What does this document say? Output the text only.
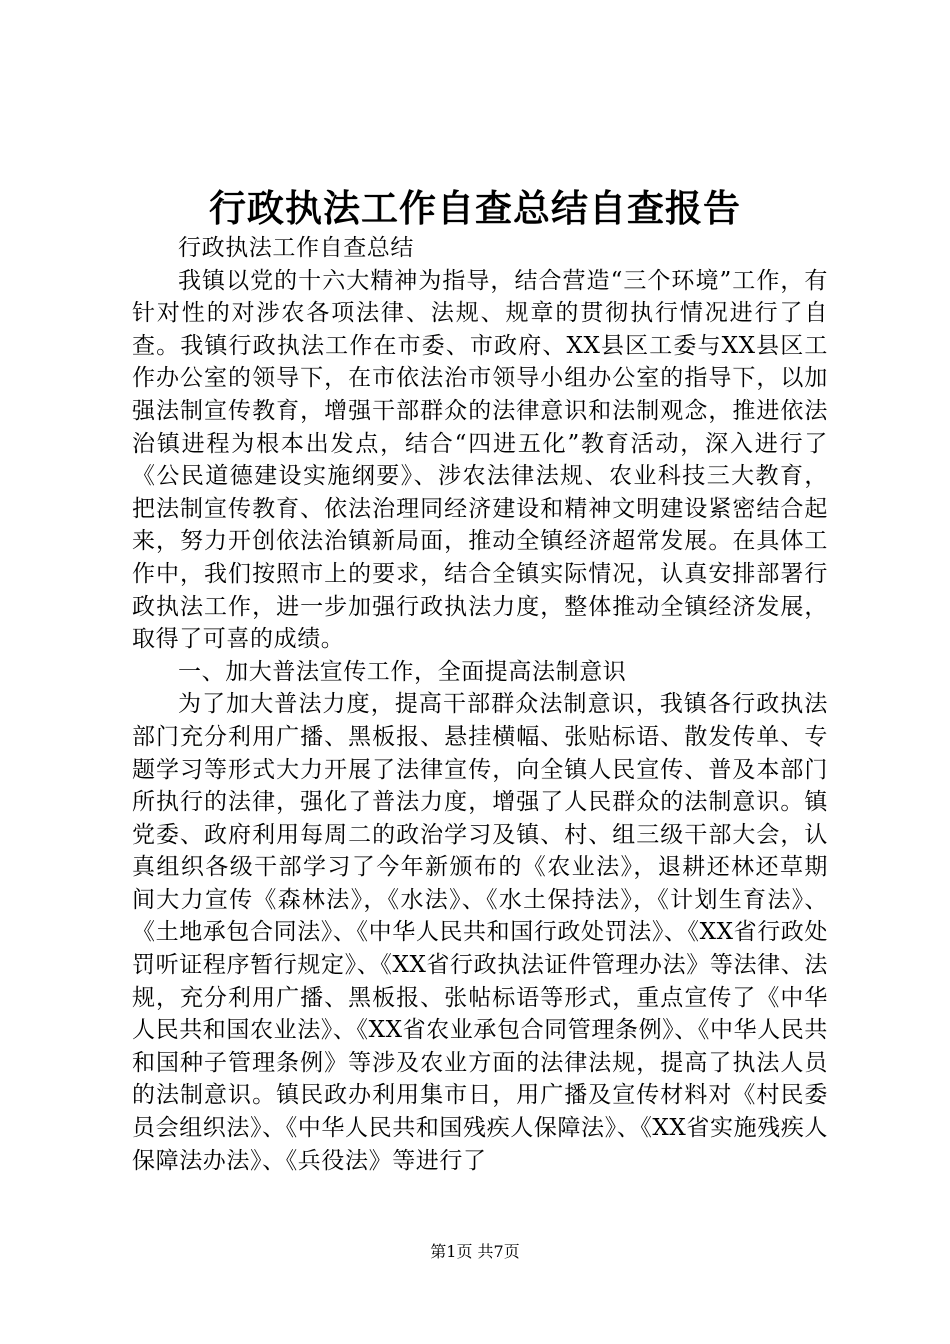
行政执法工作自查总结自查报告

行政执法工作自查总结

我镇以党的十六大精神为指导，结合营造“三个环境”工作，有针对性的对涉农各项法律、法规、规章的贯彻执行情况进行了自查。我镇行政执法工作在市委、市政府、XX县区工委与XX县区工作办公室的领导下，在市依法治市领导小组办公室的指导下，以加强法制宣传教育，增强干部群众的法律意识和法制观念，推进依法治镇进程为根本出发点，结合“四进五化”教育活动，深入进行了《公民道德建设实施纲要》、涉农法律法规、农业科技三大教育，把法制宣传教育、依法治理同经济建设和精神文明建设紧密结合起来，努力开创依法治镇新局面，推动全镇经济超常发展。在具体工作中，我们按照市上的要求，结合全镇实际情况，认真安排部署行政执法工作，进一步加强行政执法力度，整体推动全镇经济发展，取得了可喜的成绩。

一、加大普法宣传工作，全面提高法制意识

为了加大普法力度，提高干部群众法制意识，我镇各行政执法部门充分利用广播、黑板报、悬挂横幅、张贴标语、散发传单、专题学习等形式大力开展了法律宣传，向全镇人民宣传、普及本部门所执行的法律，强化了普法力度，增强了人民群众的法制意识。镇党委、政府利用每周二的政治学习及镇、村、组三级干部大会，认真组织各级干部学习了今年新颁布的《农业法》，退耕还林还草期间大力宣传《森林法》，《水法》、《水土保持法》，《计划生育法》、《土地承包合同法》、《中华人民共和国行政处罚法》、《XX省行政处罚听证程序暂行规定》、《XX省行政执法证件管理办法》等法律、法规，充分利用广播、黑板报、张帖标语等形式，重点宣传了《中华人民共和国农业法》、《XX省农业承包合同管理条例》、《中华人民共和国种子管理条例》等涉及农业方面的法律法规，提高了执法人员的法制意识。镇民政办利用集市日，用广播及宣传材料对《村民委员会组织法》、《中华人民共和国残疾人保障法》、《XX省实施残疾人保障法办法》、《兵役法》等进行了

第1页 共7页
